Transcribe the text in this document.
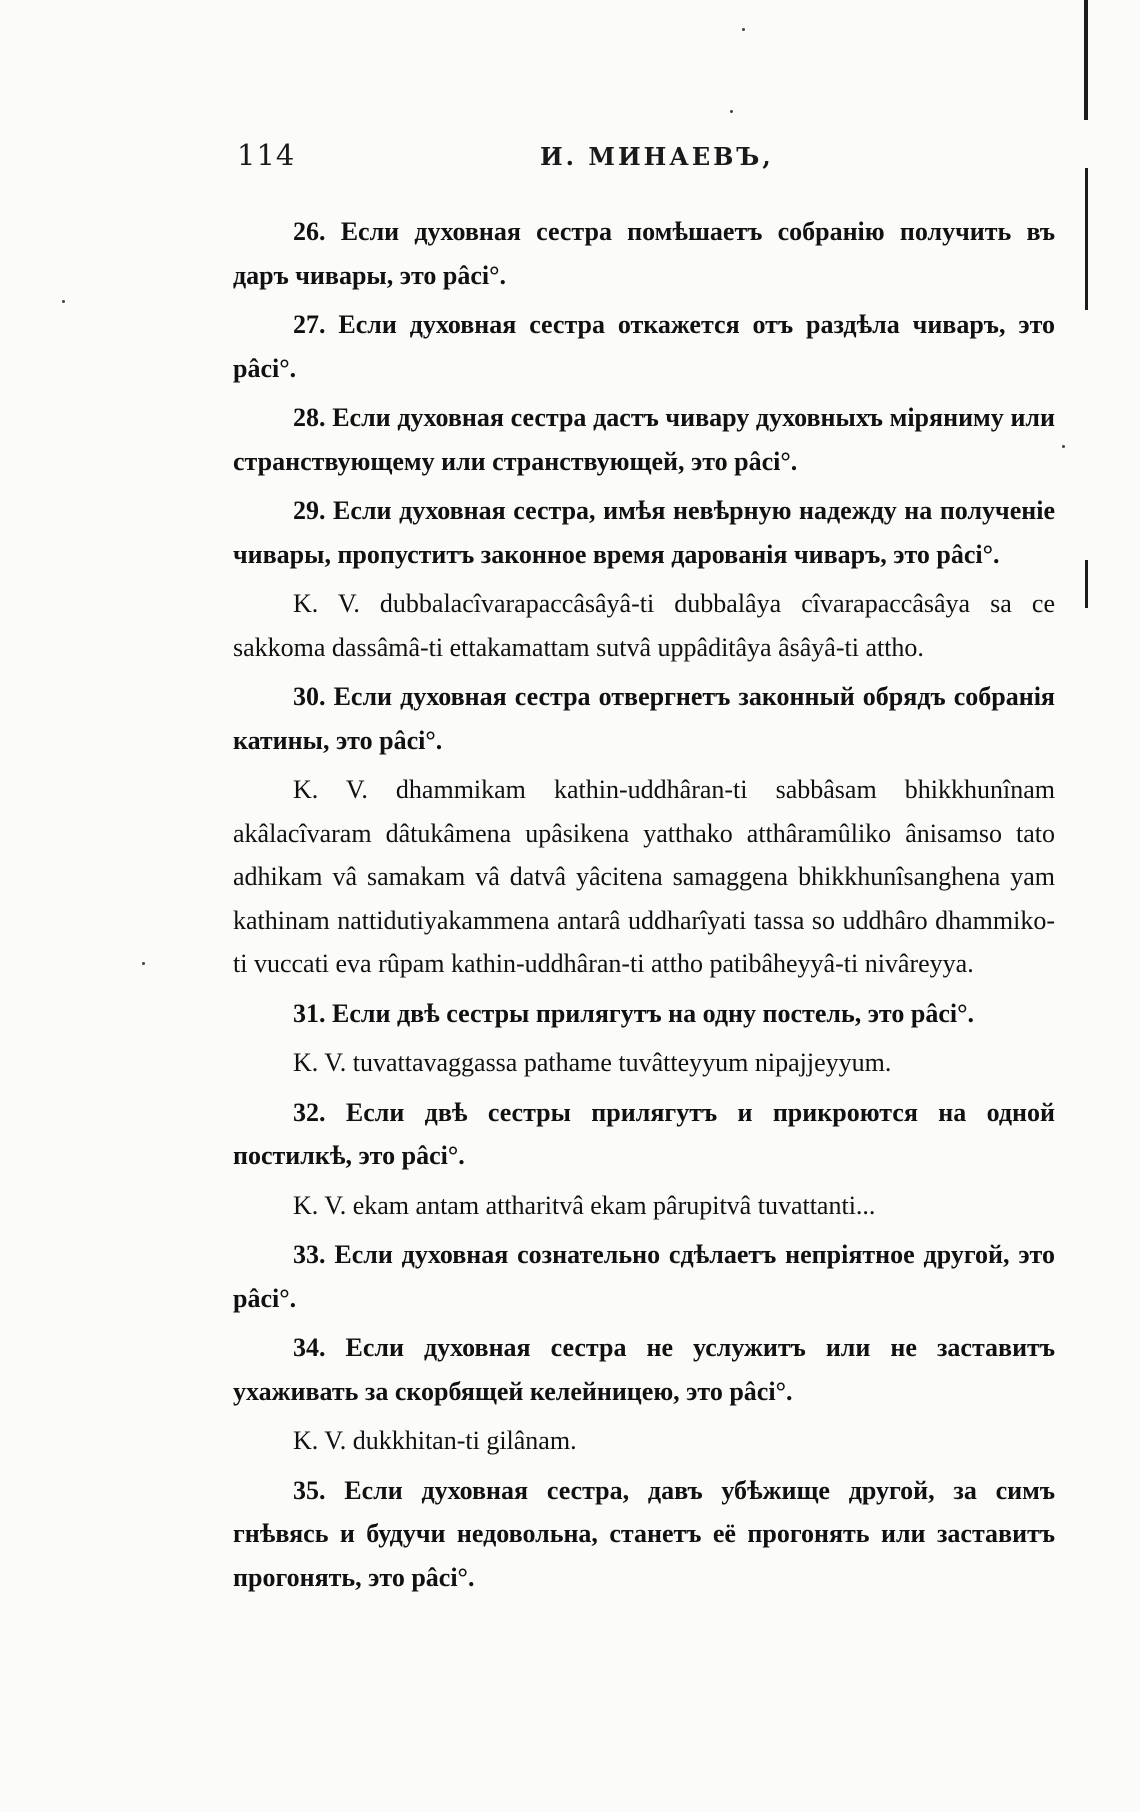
114	И. МИНАЕВЪ,

26. Если духовная сестра помѣшаетъ собранію получить въ даръ чивары, это pâci°.

27. Если духовная сестра откажется отъ раздѣла чиваръ, это pâci°.

28. Если духовная сестра дастъ чивару духовныхъ міряниму или странствующему или странствующей, это pâci°.

29. Если духовная сестра, имѣя невѣрную надежду на полученіе чивары, пропуститъ законное время дарованія чиваръ, это pâci°.

K. V. dubbalacîvarapaccâsâyâ-ti dubbalâya cîvarapaccâsâya sa ce sakkoma dassâmâ-ti ettakamattam sutvâ uppâditâya âsâyâ-ti attho.

30. Если духовная сестра отвергнетъ законный обрядъ собранія катины, это pâci°.

K. V. dhammikam kathin-uddhâran-ti sabbâsam bhikkhunînam akâlacîvaram dâtukâmena upâsikena yatthako atthâramûliko ânisamso tato adhikam vâ samakam vâ datvâ yâcitena samaggena bhikkhunîsanghena yam kathinam nattidutiyakammena antarâ uddharîyati tassa so uddhâro dhammiko-ti vuccati eva rûpam kathin-uddhâran-ti attho patibâheyyâ-ti nivâreyya.

31. Если двѣ сестры прилягутъ на одну постель, это pâci°.

K. V. tuvattavaggassa pathame tuvâtteyyum nipajjeyyum.

32. Если двѣ сестры прилягутъ и прикроются на одной постилкѣ, это pâci°.

K. V. ekam antam attharitvâ ekam pârupitvâ tuvattanti...

33. Если духовная сознательно сдѣлаетъ непріятное другой, это pâci°.

34. Если духовная сестра не услужитъ или не заставитъ ухаживать за скорбящей келейницею, это pâci°.

K. V. dukkhitan-ti gilânam.

35. Если духовная сестра, давъ убѣжище другой, за симъ гнѣвясь и будучи недовольна, станетъ её прогонять или заставитъ прогонять, это pâci°.
